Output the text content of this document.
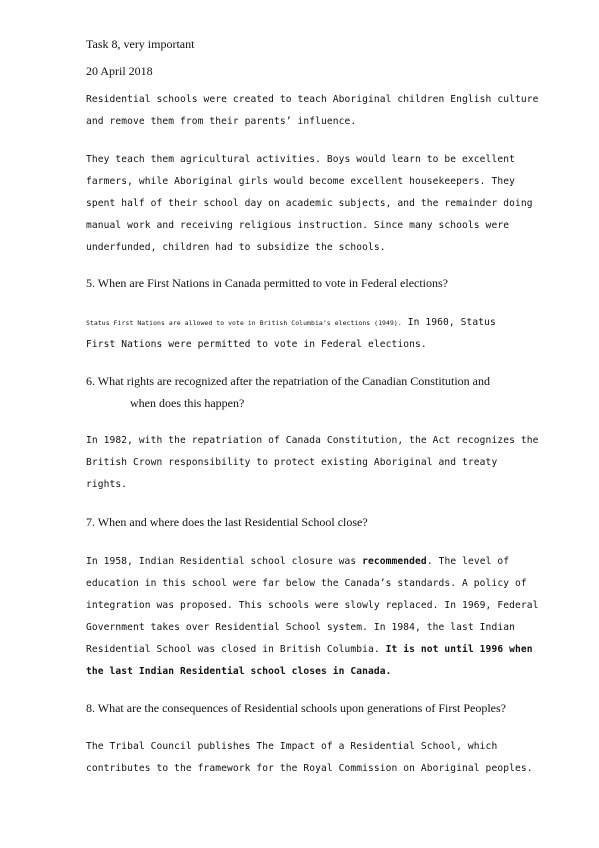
Task 8, very important
20 April 2018
Residential schools were created to teach Aboriginal children English culture
and remove them from their parents’ influence.
They teach them agricultural activities. Boys would learn to be excellent
farmers, while Aboriginal girls would become excellent housekeepers. They
spent half of their school day on academic subjects, and the remainder doing
manual work and receiving religious instruction. Since many schools were
underfunded, children had to subsidize the schools.
5. When are First Nations in Canada permitted to vote in Federal elections?
Status First Nations are allowed to vote in British Columbia’s elections (1949). In 1960, Status
First Nations were permitted to vote in Federal elections.
6. What rights are recognized after the repatriation of the Canadian Constitution and
when does this happen?
In 1982, with the repatriation of Canada Constitution, the Act recognizes the
British Crown responsibility to protect existing Aboriginal and treaty
rights.
7. When and where does the last Residential School close?
In 1958, Indian Residential school closure was recommended. The level of
education in this school were far below the Canada’s standards. A policy of
integration was proposed. This schools were slowly replaced. In 1969, Federal
Government takes over Residential School system. In 1984, the last Indian
Residential School was closed in British Columbia. It is not until 1996 when
the last Indian Residential school closes in Canada.
8. What are the consequences of Residential schools upon generations of First Peoples?
The Tribal Council publishes The Impact of a Residential School, which
contributes to the framework for the Royal Commission on Aboriginal peoples.
